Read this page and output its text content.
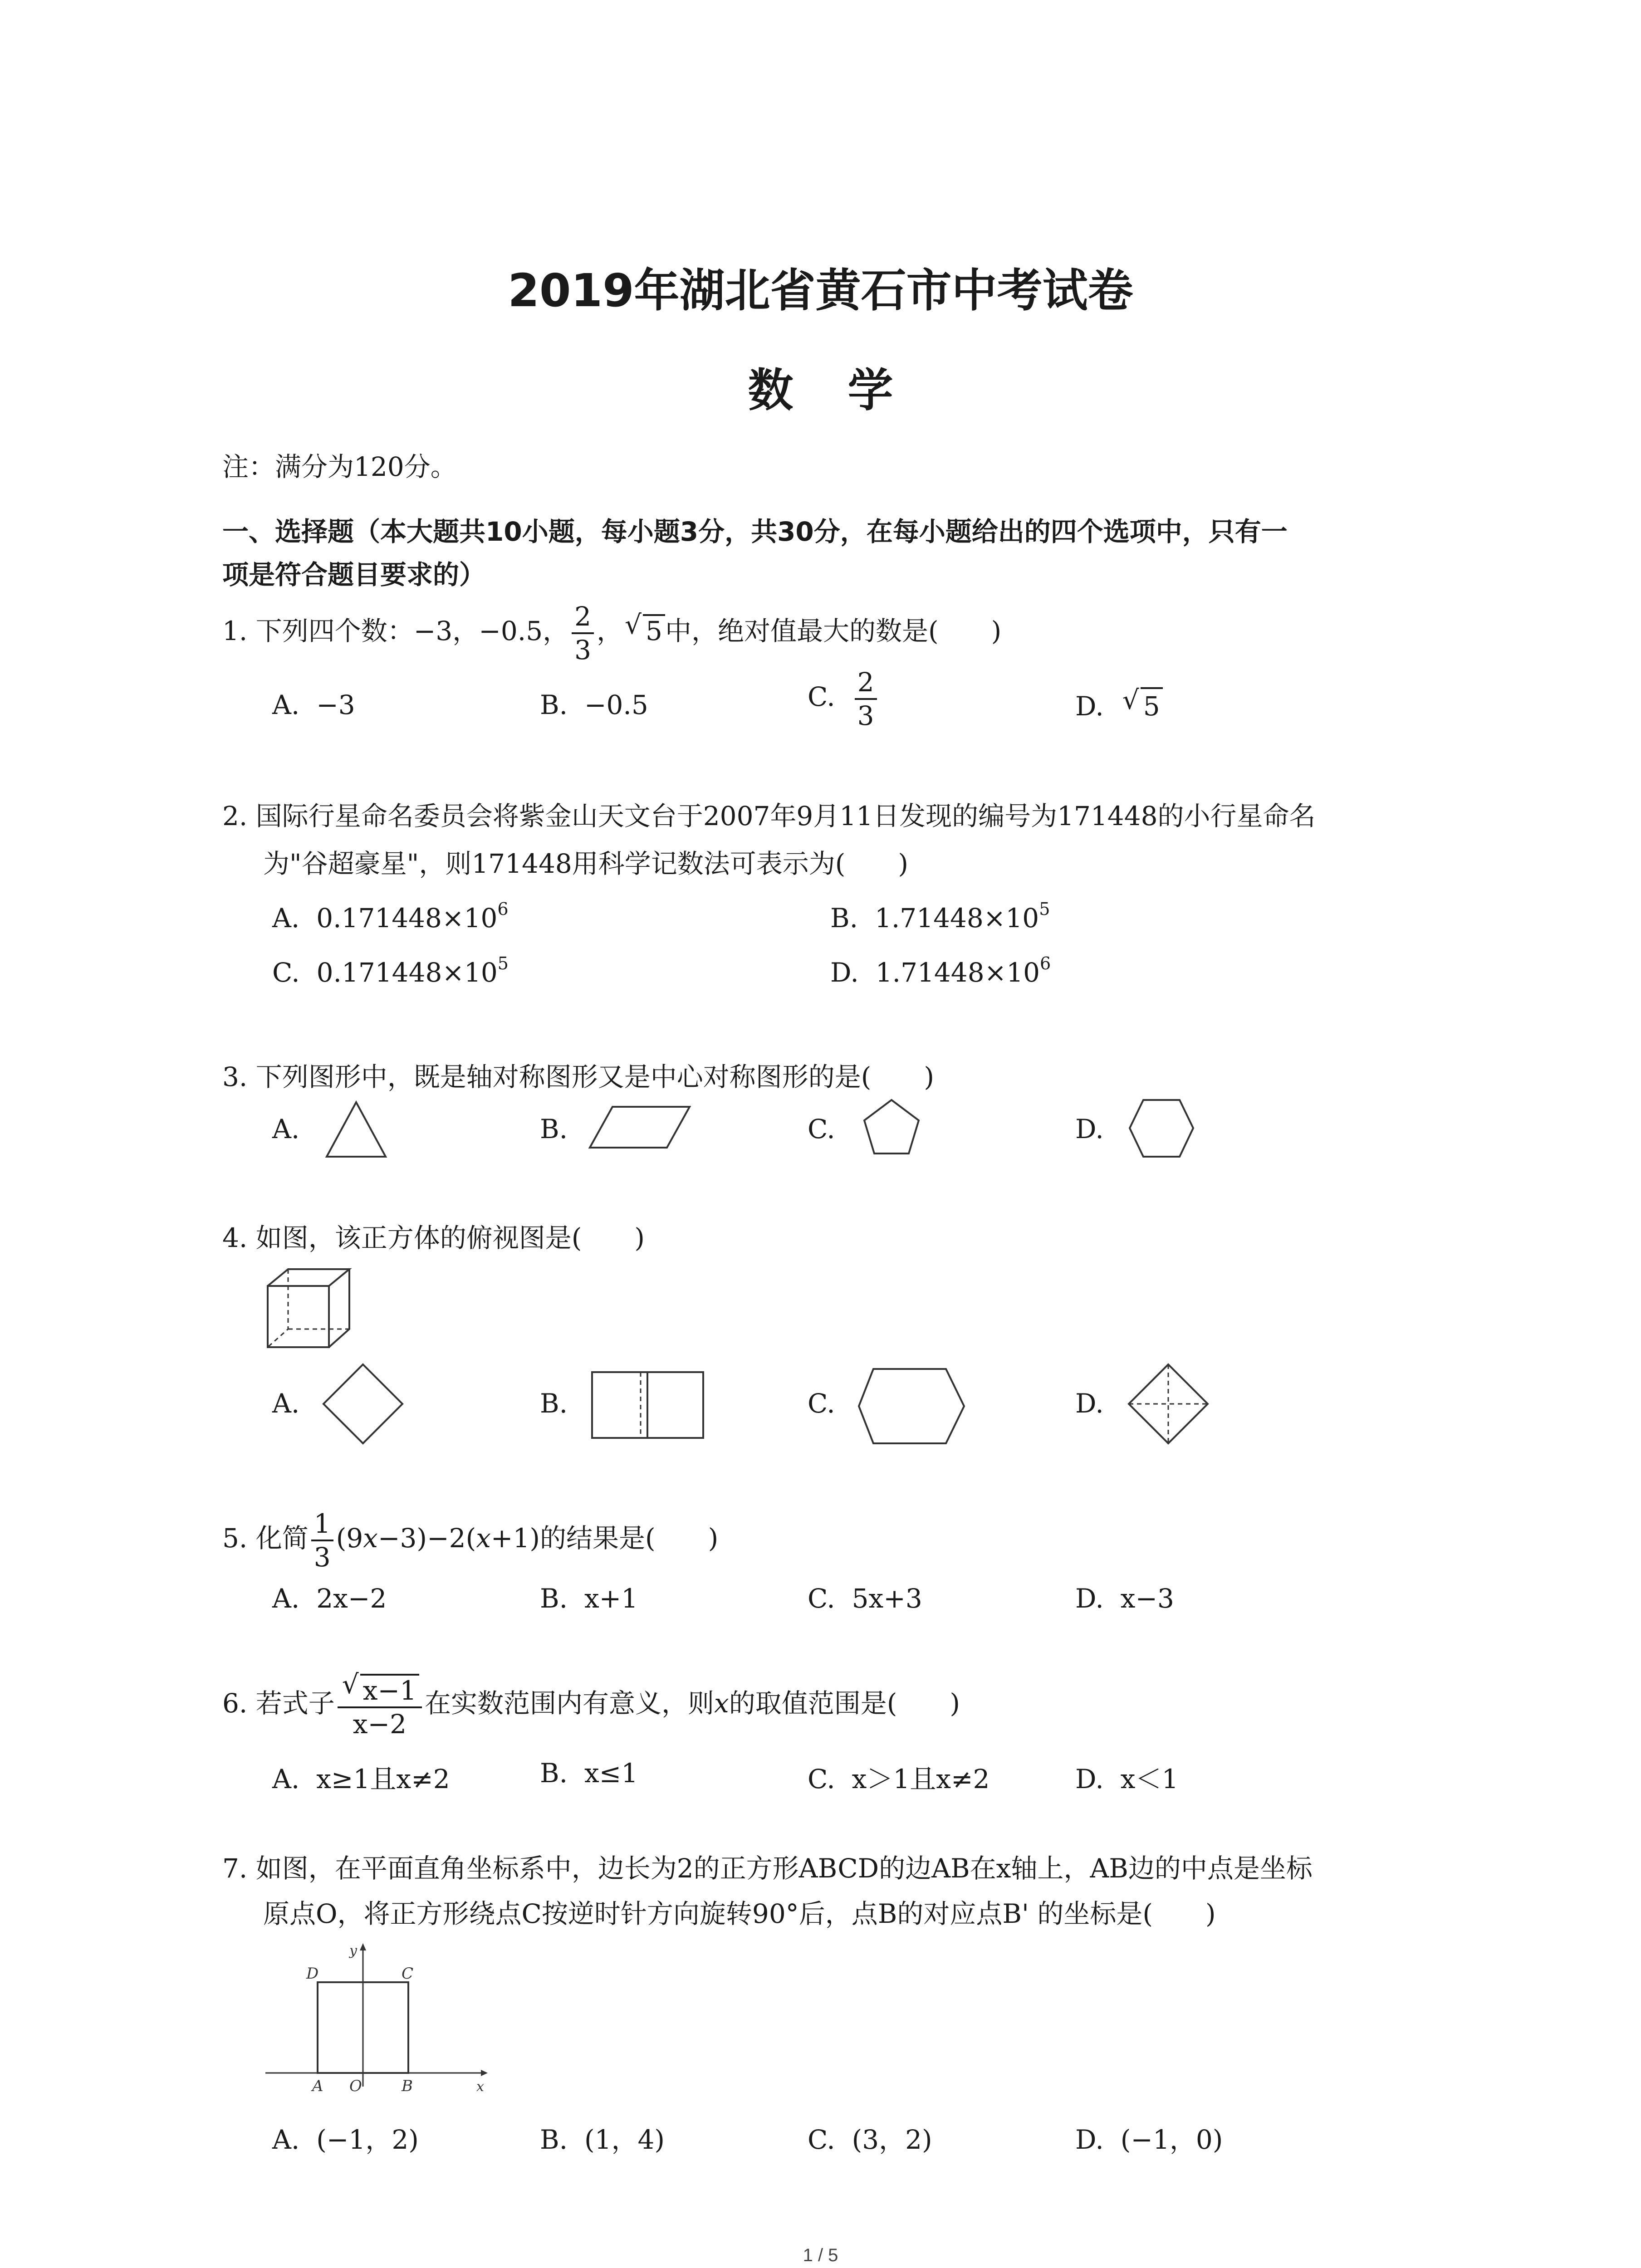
2019年湖北省黄石市中考试卷
数学
注：满分为120分。
一、选择题（本大题共10小题，每小题3分，共30分，在每小题给出的四个选项中，只有一
项是符合题目要求的）
1. 下列四个数：−3，−0.5， $\frac{2}{3}$ ， √ 5 中，绝对值最大的数是(　　)
A. −3	B. −0.5	C. $\frac{2}{3}$	D. √ 5
2. 国际行星命名委员会将紫金山天文台于2007年9月11日发现的编号为171448的小行星命名
为"谷超豪星"，则171448用科学记数法可表示为(　　)
A. $0.171448\times 10^6$	B. $1.71448\times 10^5$
C. $0.171448\times 10^5$	D. $1.71448\times 10^6$
3. 下列图形中，既是轴对称图形又是中心对称图形的是(　　)
A.	B.	C.	D.
4. 如图，该正方体的俯视图是(　　)
A.	B.	C.	D.
5. 化简 $\frac{1}{3} (9x-3)-2(x+1)$的结果是(　　)
A. 2x−2	B. x+1	C. 5x+3	D. x−3
6. 若式子 √ $\frac{x-1}{x-2}$ 在实数范围内有意义，则x的取值范围是(　　)
A. x≥1且x≠2	B. x≤1	C. x＞1且x≠2	D. x＜1
7. 如图，在平面直角坐标系中，边长为2的正方形ABCD的边AB在x轴上，AB边的中点是坐标
原点O，将正方形绕点C按逆时针方向旋转90°后，点B的对应点B' 的坐标是(　　)
D	C
A O	B	x
y
A. (−1，2)	B. (1，4)	C. (3，2)	D. (−1，0)
1 / 5
